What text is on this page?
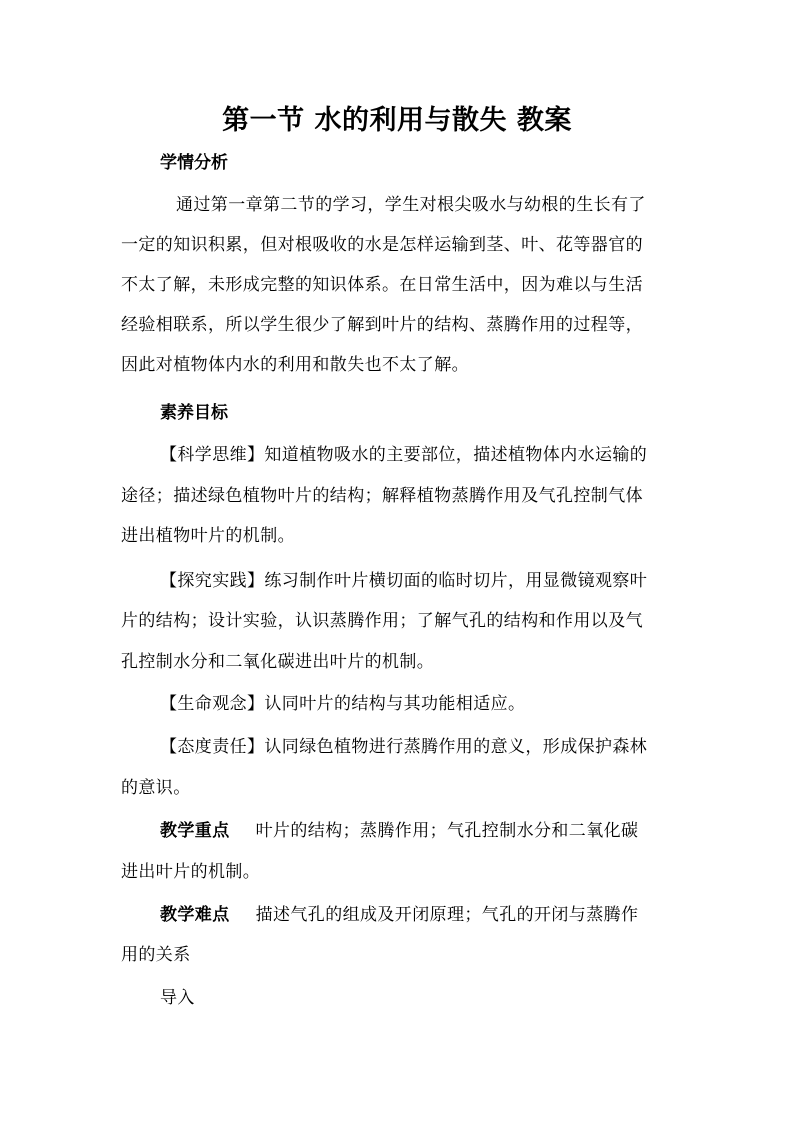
第一节 水的利用与散失 教案
学情分析
通过第一章第二节的学习，学生对根尖吸水与幼根的生长有了
一定的知识积累，但对根吸收的水是怎样运输到茎、叶、花等器官的
不太了解，未形成完整的知识体系。在日常生活中，因为难以与生活
经验相联系，所以学生很少了解到叶片的结构、蒸腾作用的过程等，
因此对植物体内水的利用和散失也不太了解。
素养目标
【科学思维】知道植物吸水的主要部位，描述植物体内水运输的
途径；描述绿色植物叶片的结构；解释植物蒸腾作用及气孔控制气体
进出植物叶片的机制。
【探究实践】练习制作叶片横切面的临时切片，用显微镜观察叶
片的结构；设计实验，认识蒸腾作用；了解气孔的结构和作用以及气
孔控制水分和二氧化碳进出叶片的机制。
【生命观念】认同叶片的结构与其功能相适应。
【态度责任】认同绿色植物进行蒸腾作用的意义，形成保护森林
的意识。
教学重点 叶片的结构；蒸腾作用；气孔控制水分和二氧化碳
进出叶片的机制。
教学难点 描述气孔的组成及开闭原理；气孔的开闭与蒸腾作
用的关系
导入
